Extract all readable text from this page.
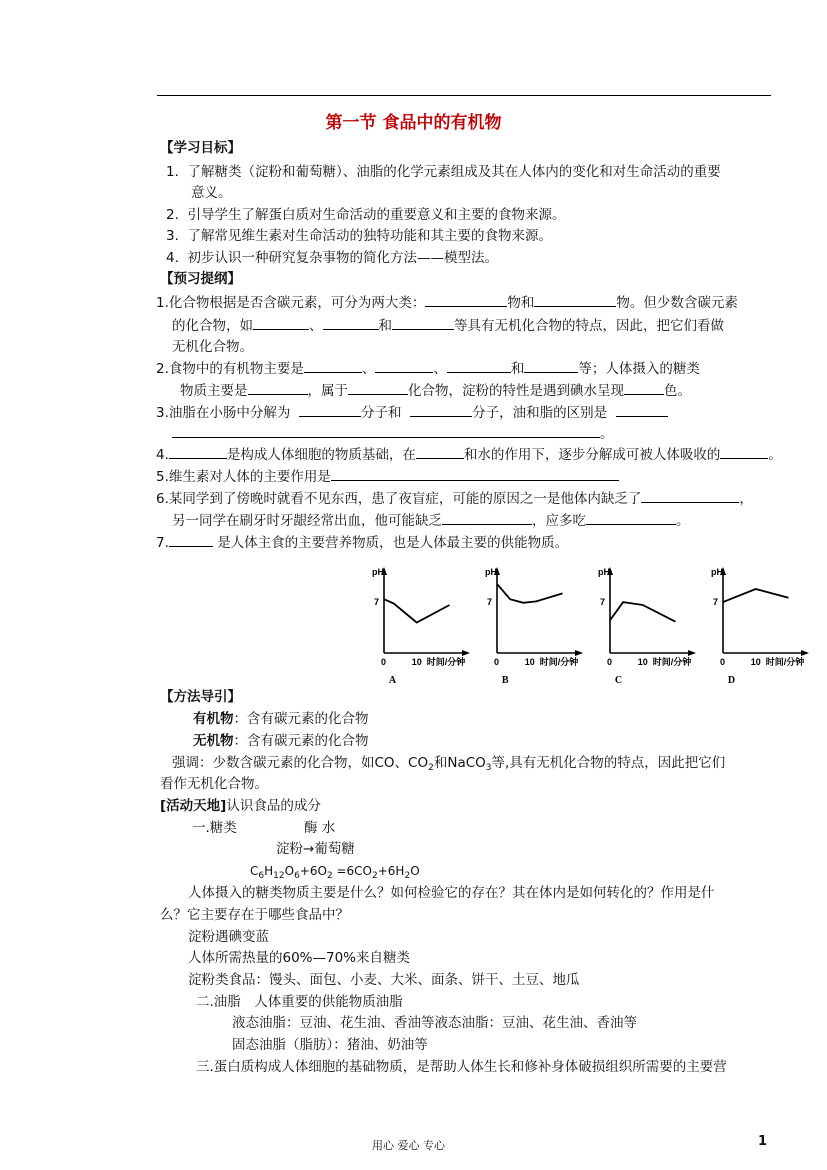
第一节 食品中的有机物
【学习目标】
1. 了解糖类（淀粉和葡萄糖）、油脂的化学元素组成及其在人体内的变化和对生命活动的重要
意义。
2. 引导学生了解蛋白质对生命活动的重要意义和主要的食物来源。
3. 了解常见维生素对生命活动的独特功能和其主要的食物来源。
4. 初步认识一种研究复杂事物的简化方法——模型法。
【预习提纲】
1.化合物根据是否含碳元素，可分为两大类：	物和	物。但少数含碳元素
的化合物，如	、	和	等具有无机化合物的特点，因此，把它们看做
无机化合物。
2.食物中的有机物主要是	、	、	和	等；人体摄入的糖类
物质主要是	，属于	化合物，淀粉的特性是遇到碘水呈现	色。
3.油脂在小肠中分解为	分子和	分子，油和脂的区别是
。
4.	是构成人体细胞的物质基础，在	和水的作用下，逐步分解成可被人体吸收的	。
5.维生素对人体的主要作用是
6.某同学到了傍晚时就看不见东西，患了夜盲症，可能的原因之一是他体内缺乏了	，
另一同学在刷牙时牙龈经常出血，他可能缺乏	，应多吃	。
7.	是人体主食的主要营养物质，也是人体最主要的供能物质。
pH
7
0	10 时间/分钟
A
pH
7
0	10 时间/分钟
B
pH
7
0	10 时间/分钟
C
pH
7
0	10 时间/分钟
D
【方法导引】
有机物：含有碳元素的化合物
无机物：含有碳元素的化合物
强调：少数含碳元素的化合物，如CO、$CO_2$和NaCO$_3$等,具有无机化合物的特点，因此把它们
看作无机化合物。
[活动天地]认识食品的成分
一.糖类	酶 水
淀粉→葡萄糖
$C_6H_{12}O_6+6O_2 =6CO_2+6H_2O$
人体摄入的糖类物质主要是什么？如何检验它的存在？其在体内是如何转化的？作用是什
么？它主要存在于哪些食品中？
淀粉遇碘变蓝
人体所需热量的60%—70%来自糖类
淀粉类食品：馒头、面包、小麦、大米、面条、饼干、土豆、地瓜
二.油脂　人体重要的供能物质油脂
液态油脂：豆油、花生油、香油等液态油脂：豆油、花生油、香油等
固态油脂（脂肪）：猪油、奶油等
三.蛋白质构成人体细胞的基础物质，是帮助人体生长和修补身体破损组织所需要的主要营
用心 爱心 专心	1
